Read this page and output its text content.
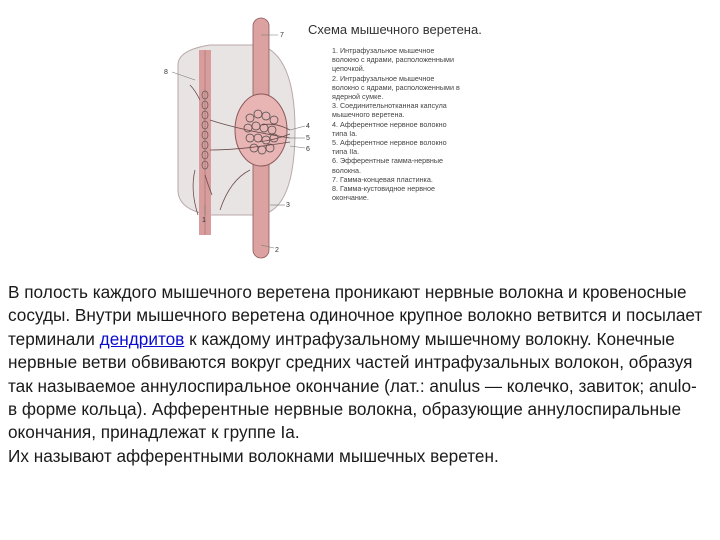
7
8
4
5
6
1
3
2
Схема мышечного веретена.
1. Интрафузальное мышечное
волокно с ядрами, расположенными
цепочкой.
2. Интрафузальное мышечное
волокно с ядрами, расположенными в
ядерной сумке.
3. Соединительнотканная капсула
мышечного веретена.
4. Афферентное нервное волокно
типа Ia.
5. Афферентное нервное волокно
типа IIa.
6. Эфферентные гамма-нервные
волокна.
7. Гамма-концевая пластинка.
8. Гамма-кустовидное нервное
окончание.

В полость каждого мышечного веретена проникают нервные волокна и кровеносные сосуды. Внутри мышечного веретена одиночное крупное волокно ветвится и посылает терминали дендритов к каждому интрафузальному мышечному волокну. Конечные нервные ветви обвиваются вокруг средних частей интрафузальных волокон, образуя так называемое аннулоспиральное окончание (лат.: anulus — колечко, завиток; anulo- в форме кольца). Афферентные нервные волокна, образующие аннулоспиральные окончания, принадлежат к группе Ia.

Их называют афферентными волокнами мышечных веретен.
